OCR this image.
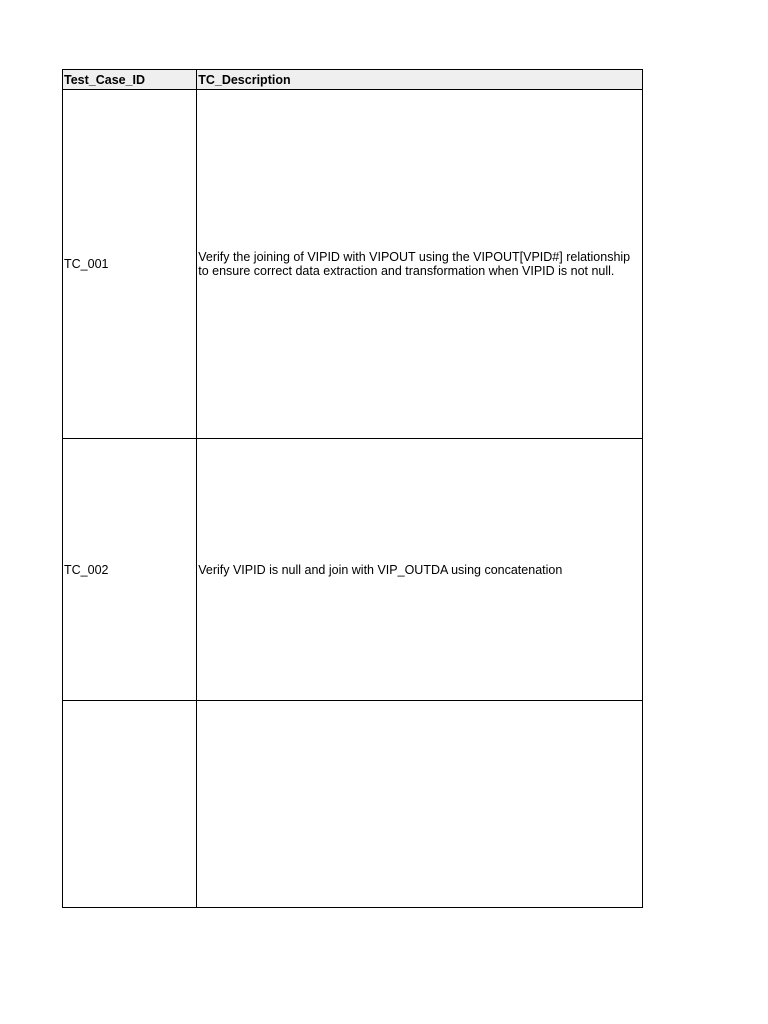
Test_Case_ID	TC_Description
TC_001	Verify the joining of VIPID with VIPOUT using the VIPOUT[VPID#] relationship to ensure correct data extraction and transformation when VIPID is not null.
TC_002	Verify VIPID is null and join with VIP_OUTDA using concatenation
